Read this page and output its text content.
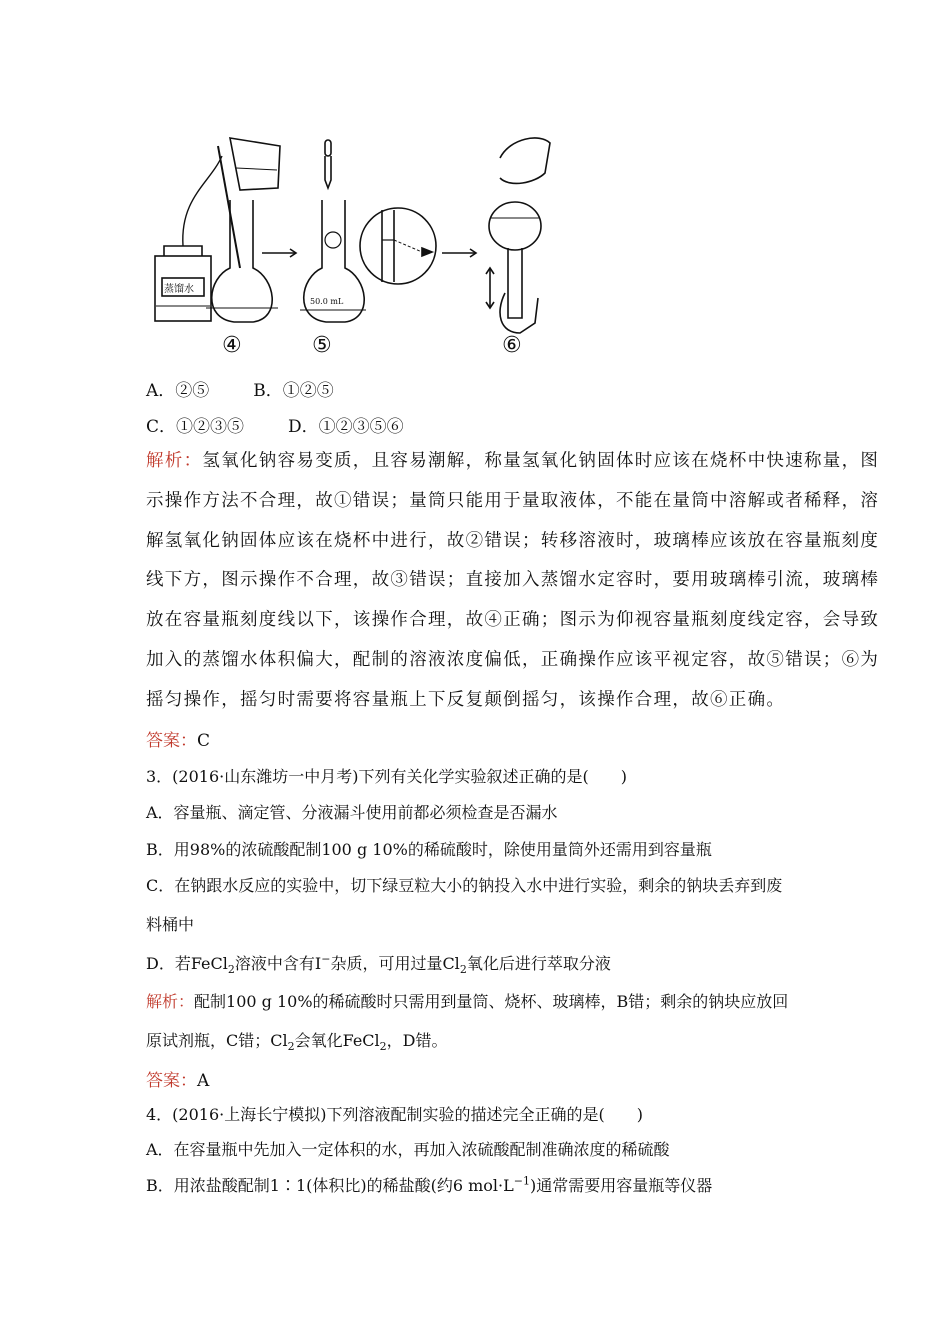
蒸馏水
50.0 mL
④	⑤	⑥
A．②⑤	B．①②⑤
C．①②③⑤	D．①②③⑤⑥
解析：氢氧化钠容易变质，且容易潮解，称量氢氧化钠固体时应该在烧杯中快速称量，图
示操作方法不合理，故①错误；量筒只能用于量取液体，不能在量筒中溶解或者稀释，溶
解氢氧化钠固体应该在烧杯中进行，故②错误；转移溶液时，玻璃棒应该放在容量瓶刻度
线下方，图示操作不合理，故③错误；直接加入蒸馏水定容时，要用玻璃棒引流，玻璃棒
放在容量瓶刻度线以下，该操作合理，故④正确；图示为仰视容量瓶刻度线定容，会导致
加入的蒸馏水体积偏大，配制的溶液浓度偏低，正确操作应该平视定容，故⑤错误；⑥为
摇匀操作，摇匀时需要将容量瓶上下反复颠倒摇匀，该操作合理，故⑥正确。
答案：C
3．(2016·山东潍坊一中月考)下列有关化学实验叙述正确的是(　　)
A．容量瓶、滴定管、分液漏斗使用前都必须检查是否漏水
B．用98%的浓硫酸配制100 g 10%的稀硫酸时，除使用量筒外还需用到容量瓶
C．在钠跟水反应的实验中，切下绿豆粒大小的钠投入水中进行实验，剩余的钠块丢弃到废
料桶中
D．若FeCl$_2$溶液中含有I−杂质，可用过量$Cl_2$氧化后进行萃取分液
解析：配制100 g 10%的稀硫酸时只需用到量筒、烧杯、玻璃棒，B错；剩余的钠块应放回
原试剂瓶，C错；$Cl_2$会氧化FeCl$_2$，D错。
答案：A
4．(2016·上海长宁模拟)下列溶液配制实验的描述完全正确的是(　　)
A．在容量瓶中先加入一定体积的水，再加入浓硫酸配制准确浓度的稀硫酸
B．用浓盐酸配制1∶1(体积比)的稀盐酸(约6 $mol\cdot L^{-1}$)通常需要用容量瓶等仪器
